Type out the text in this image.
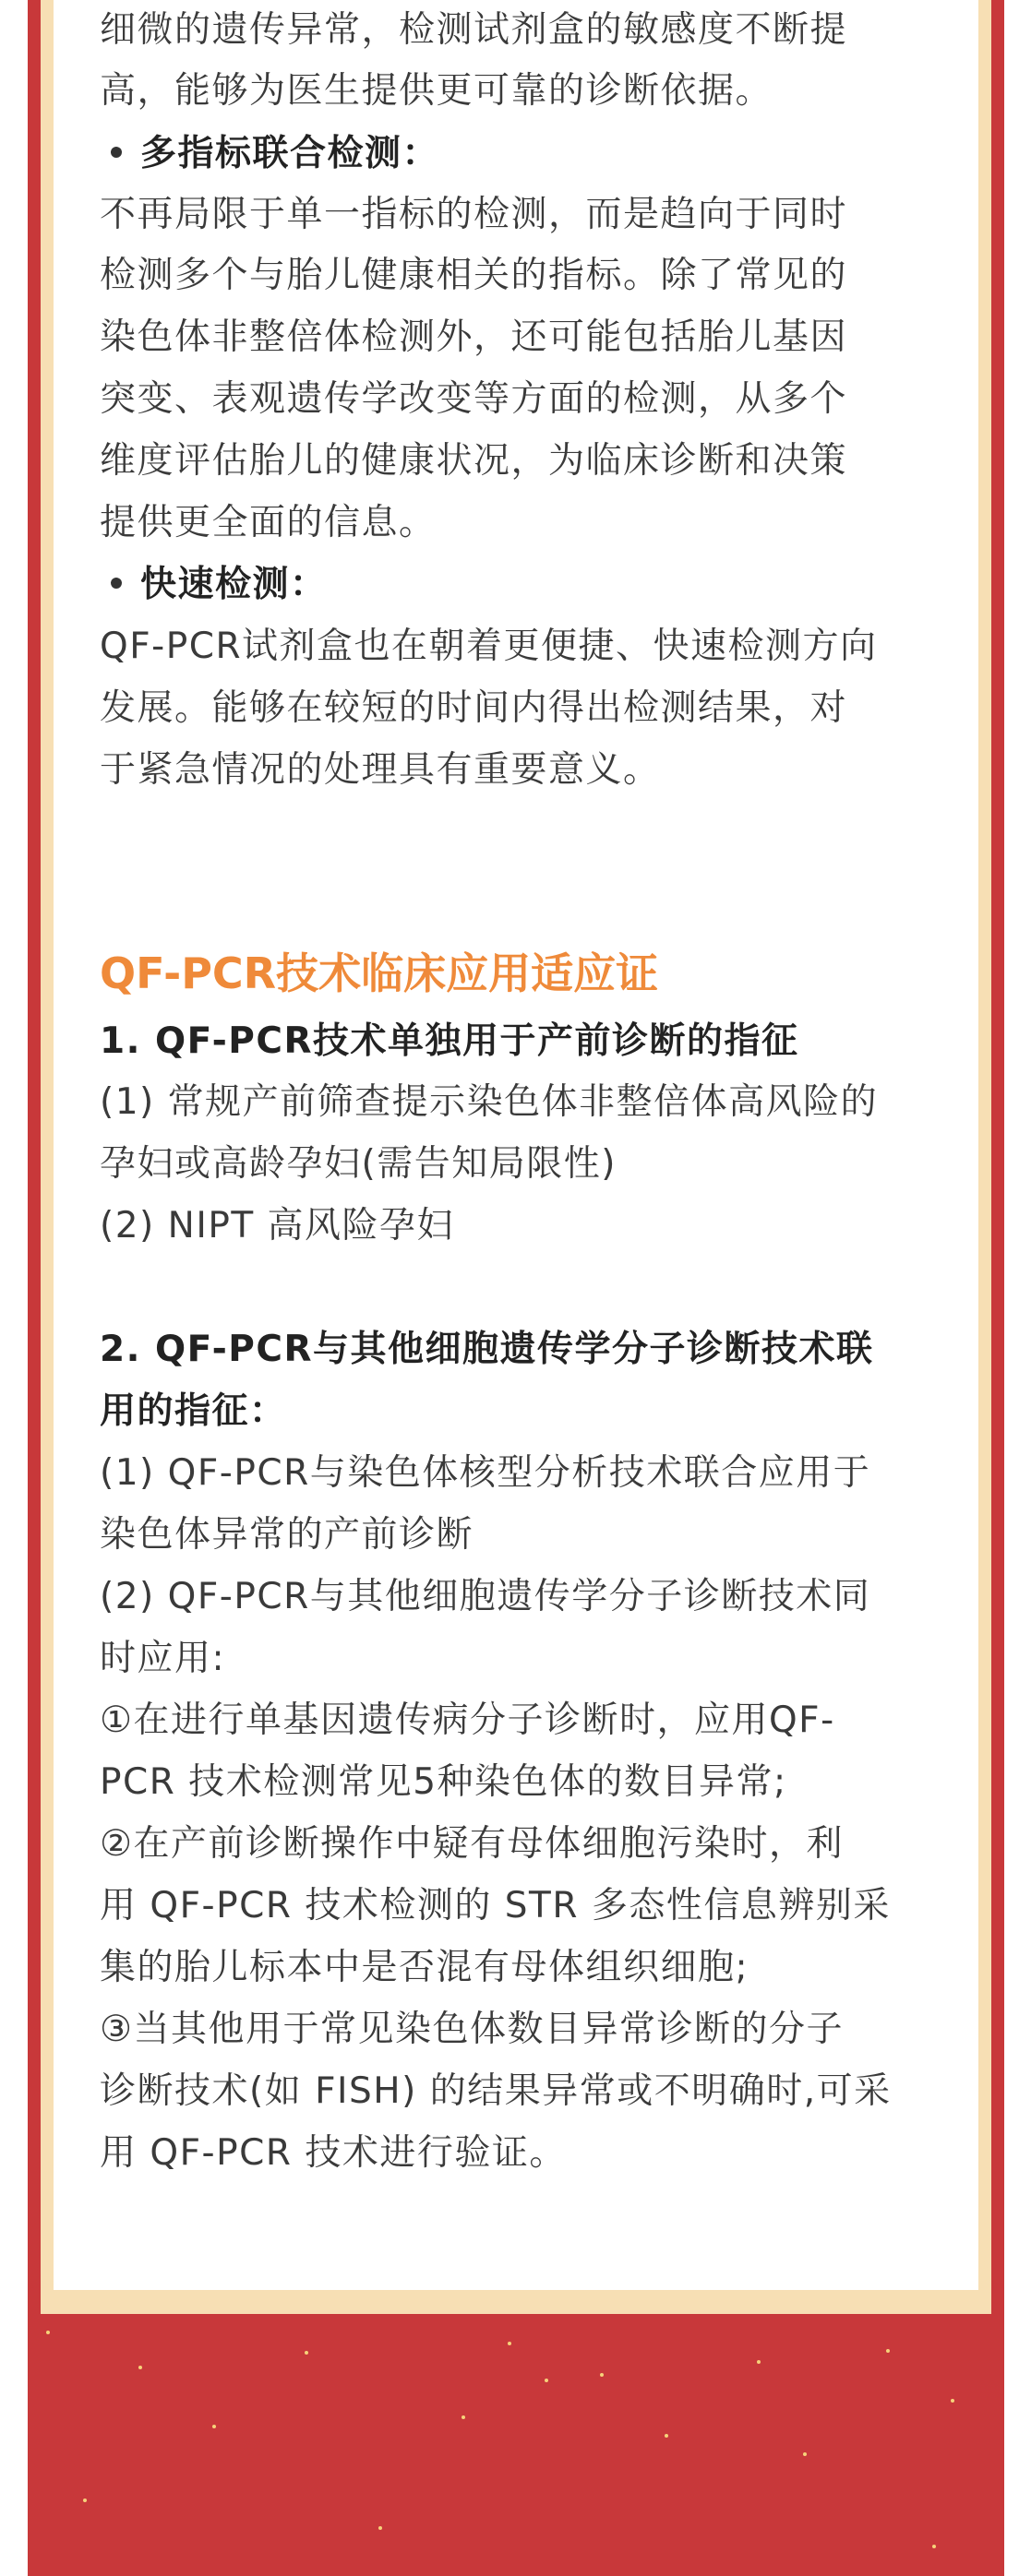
细微的遗传异常，检测试剂盒的敏感度不断提
高，能够为医生提供更可靠的诊断依据。
多指标联合检测：
不再局限于单一指标的检测，而是趋向于同时
检测多个与胎儿健康相关的指标。除了常见的
染色体非整倍体检测外，还可能包括胎儿基因
突变、表观遗传学改变等方面的检测，从多个
维度评估胎儿的健康状况，为临床诊断和决策
提供更全面的信息。
快速检测：
QF-PCR试剂盒也在朝着更便捷、快速检测方向
发展。能够在较短的时间内得出检测结果，对
于紧急情况的处理具有重要意义。
QF-PCR技术临床应用适应证
1. QF-PCR技术单独用于产前诊断的指征
(1) 常规产前筛查提示染色体非整倍体高风险的
孕妇或高龄孕妇(需告知局限性)
(2) NIPT 高风险孕妇
2. QF-PCR与其他细胞遗传学分子诊断技术联
用的指征：
(1) QF-PCR与染色体核型分析技术联合应用于
染色体异常的产前诊断
(2) QF-PCR与其他细胞遗传学分子诊断技术同
时应用:
①在进行单基因遗传病分子诊断时，应用QF-
PCR 技术检测常见5种染色体的数目异常;
②在产前诊断操作中疑有母体细胞污染时，利
用 QF-PCR 技术检测的 STR 多态性信息辨别采
集的胎儿标本中是否混有母体组织细胞;
③当其他用于常见染色体数目异常诊断的分子
诊断技术(如 FISH) 的结果异常或不明确时,可采
用 QF-PCR 技术进行验证。
